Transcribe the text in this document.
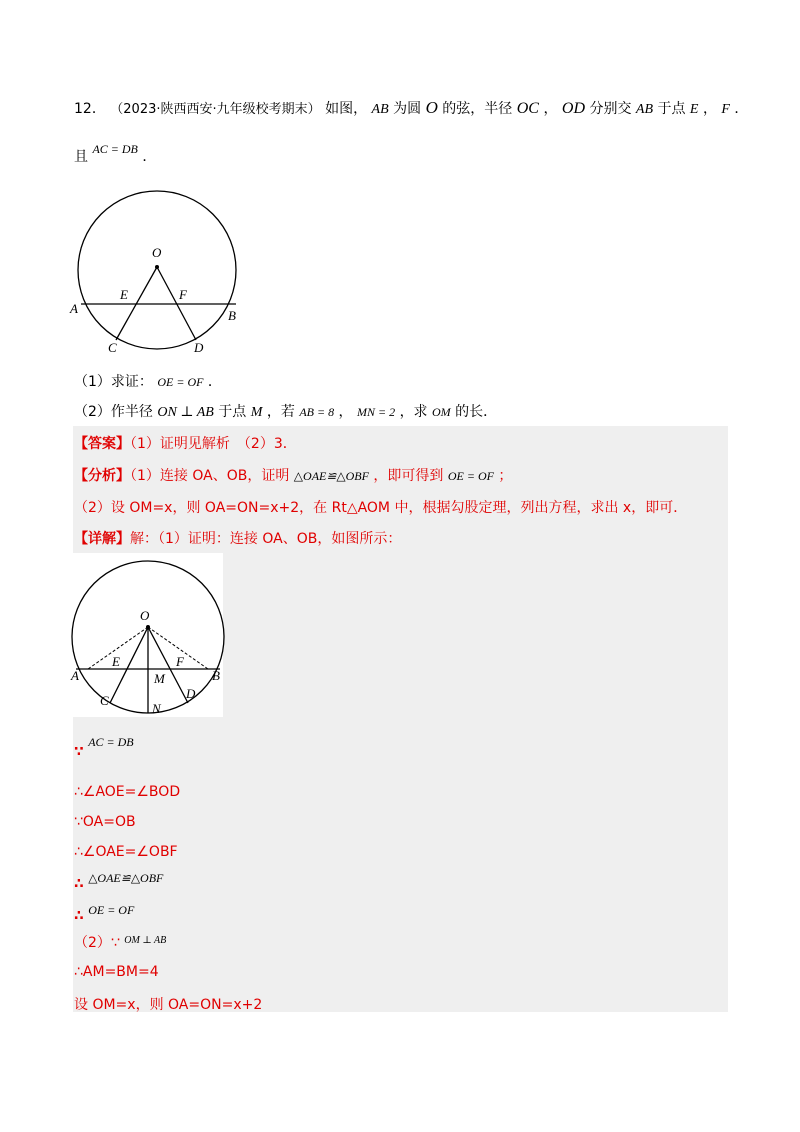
12． （2023·陕西西安·九年级校考期末） 如图， AB 为圆 O 的弦，半径 OC ， OD 分别交 AB 于点 E ， F ．
且 AC = DB ．
O
E	F
A	B
C	D
（1）求证： OE = OF ．
（2）作半径 ON ⊥ AB 于点 M ，若 AB = 8 ， MN = 2 ，求 OM 的长．
【答案】（1）证明见解析　（2）3．
【分析】（1）连接 OA、OB，证明 △OAE≌△OBF ，即可得到 OE = OF ；
（2）设 OM=x，则 OA=ON=x+2，在 Rt△AOM 中，根据勾股定理，列出方程，求出 x，即可．
【详解】解：（1）证明：连接 OA、OB，如图所示：
O
E	F
A	B
M
C	D
N
∵ AC = DB
∴∠AOE=∠BOD
∵OA=OB
∴∠OAE=∠OBF
∴ △OAE≌△OBF
∴ OE = OF
（2）∵ $^{OM \perp AB}$
∴AM=BM=4
设 OM=x，则 OA=ON=x+2
